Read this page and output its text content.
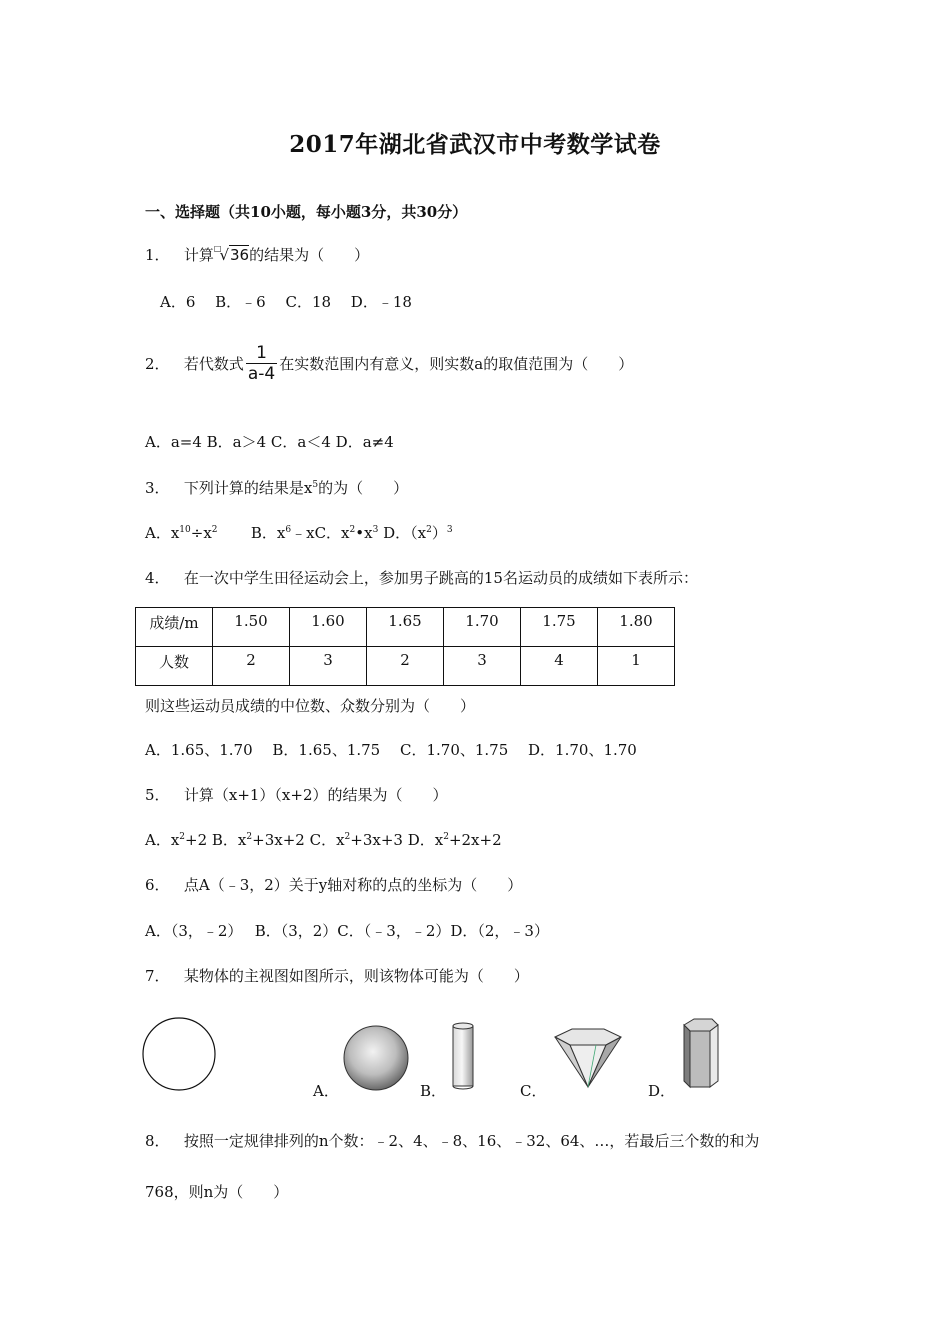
2017年湖北省武汉市中考数学试卷
一、选择题（共10小题，每小题3分，共30分）
1． 计算□√36的结果为（　　）
A．6　 B．﹣6　 C．18　 D．﹣18
2． 若代数式 $\frac{1}{a-4}$ 在实数范围内有意义，则实数a的取值范围为（　　）
A．a=4 B．a＞4 C．a＜4 D．a≠4
3． 下列计算的结果是$x^5$的为（　　）
A．$x^{10}\div x^2$ B．$x^6﹣xC$．$x^2•x^3$ D．$(x^2)^3$
4． 在一次中学生田径运动会上，参加男子跳高的15名运动员的成绩如下表所示：
成绩/m	1.50	1.60	1.65	1.70	1.75	1.80
人数	2	3	2	3	4	1
则这些运动员成绩的中位数、众数分别为（　　）
A．1.65、1.70　 B．1.65、1.75　 C．1.70、1.75　 D．1.70、1.70
5． 计算（x+1）（x+2）的结果为（　　）
A．$x^2+2$ B．$x^2+3x+2$ C．$x^2+3x+3$ D．$x^2+2x+2$
6． 点A（﹣3，2）关于y轴对称的点的坐标为（　　）
A．（3，﹣2）　 B．（3，2）C．（﹣3，﹣2）D．（2，﹣3）
7． 某物体的主视图如图所示，则该物体可能为（　　）
A．	B．	C．	D．
8． 按照一定规律排列的n个数：﹣2、4、﹣8、16、﹣32、64、…，若最后三个数的和为
768，则n为（　　）
